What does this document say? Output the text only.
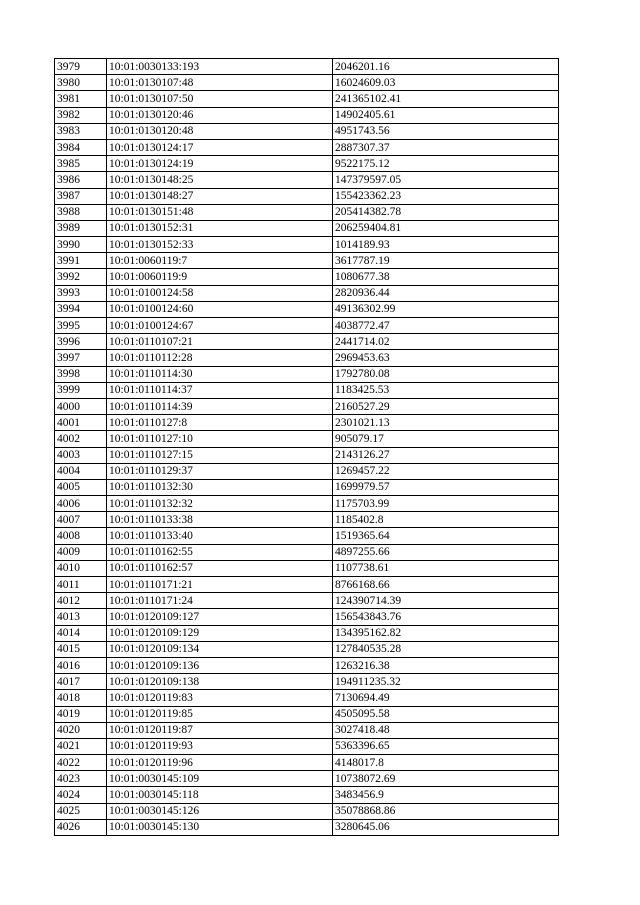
3979	10:01:0030133:193	2046201.16
3980	10:01:0130107:48	16024609.03
3981	10:01:0130107:50	241365102.41
3982	10:01:0130120:46	14902405.61
3983	10:01:0130120:48	4951743.56
3984	10:01:0130124:17	2887307.37
3985	10:01:0130124:19	9522175.12
3986	10:01:0130148:25	147379597.05
3987	10:01:0130148:27	155423362.23
3988	10:01:0130151:48	205414382.78
3989	10:01:0130152:31	206259404.81
3990	10:01:0130152:33	1014189.93
3991	10:01:0060119:7	3617787.19
3992	10:01:0060119:9	1080677.38
3993	10:01:0100124:58	2820936.44
3994	10:01:0100124:60	49136302.99
3995	10:01:0100124:67	4038772.47
3996	10:01:0110107:21	2441714.02
3997	10:01:0110112:28	2969453.63
3998	10:01:0110114:30	1792780.08
3999	10:01:0110114:37	1183425.53
4000	10:01:0110114:39	2160527.29
4001	10:01:0110127:8	2301021.13
4002	10:01:0110127:10	905079.17
4003	10:01:0110127:15	2143126.27
4004	10:01:0110129:37	1269457.22
4005	10:01:0110132:30	1699979.57
4006	10:01:0110132:32	1175703.99
4007	10:01:0110133:38	1185402.8
4008	10:01:0110133:40	1519365.64
4009	10:01:0110162:55	4897255.66
4010	10:01:0110162:57	1107738.61
4011	10:01:0110171:21	8766168.66
4012	10:01:0110171:24	124390714.39
4013	10:01:0120109:127	156543843.76
4014	10:01:0120109:129	134395162.82
4015	10:01:0120109:134	127840535.28
4016	10:01:0120109:136	1263216.38
4017	10:01:0120109:138	194911235.32
4018	10:01:0120119:83	7130694.49
4019	10:01:0120119:85	4505095.58
4020	10:01:0120119:87	3027418.48
4021	10:01:0120119:93	5363396.65
4022	10:01:0120119:96	4148017.8
4023	10:01:0030145:109	10738072.69
4024	10:01:0030145:118	3483456.9
4025	10:01:0030145:126	35078868.86
4026	10:01:0030145:130	3280645.06
